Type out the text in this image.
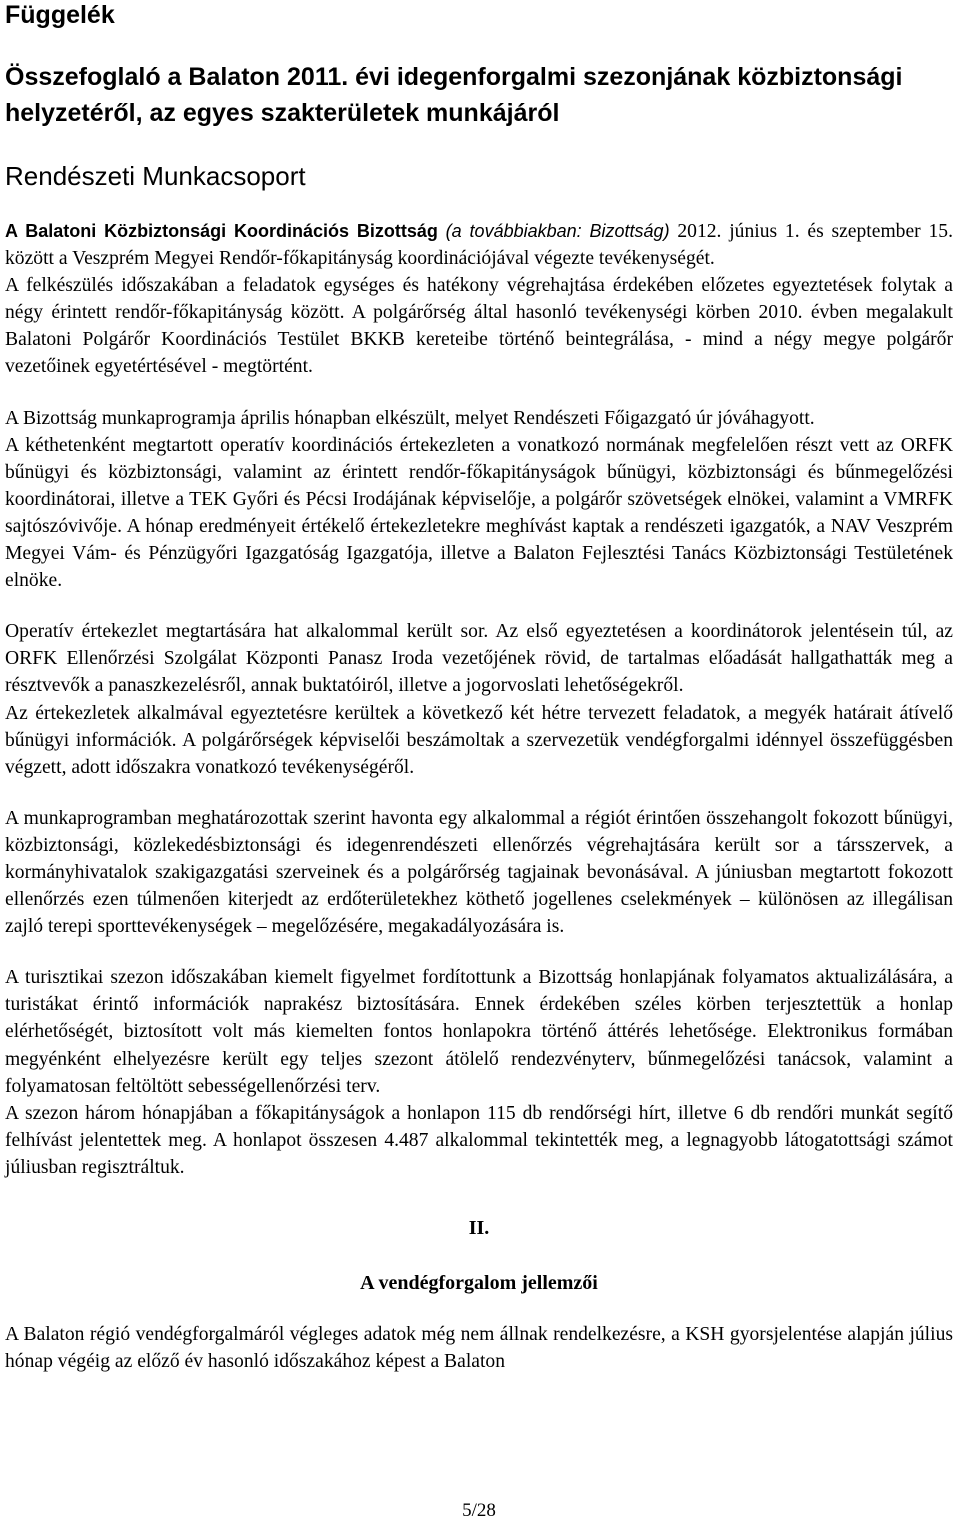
Függelék
Összefoglaló a Balaton 2011. évi idegenforgalmi szezonjának közbiztonsági helyzetéről, az egyes szakterületek munkájáról
Rendészeti Munkacsoport

A Balatoni Közbiztonsági Koordinációs Bizottság (a továbbiakban: Bizottság) 2012. június 1. és szeptember 15. között a Veszprém Megyei Rendőr-főkapitányság koordinációjával végezte tevékenységét.

A felkészülés időszakában a feladatok egységes és hatékony végrehajtása érdekében előzetes egyeztetések folytak a négy érintett rendőr-főkapitányság között. A polgárőrség által hasonló tevékenységi körben 2010. évben megalakult Balatoni Polgárőr Koordinációs Testület BKKB kereteibe történő beintegrálása, - mind a négy megye polgárőr vezetőinek egyetértésével - megtörtént.

A Bizottság munkaprogramja április hónapban elkészült, melyet Rendészeti Főigazgató úr jóváhagyott.

A kéthetenként megtartott operatív koordinációs értekezleten a vonatkozó normának megfelelően részt vett az ORFK bűnügyi és közbiztonsági, valamint az érintett rendőr-főkapitányságok bűnügyi, közbiztonsági és bűnmegelőzési koordinátorai, illetve a TEK Győri és Pécsi Irodájának képviselője, a polgárőr szövetségek elnökei, valamint a VMRFK sajtószóvivője. A hónap eredményeit értékelő értekezletekre meghívást kaptak a rendészeti igazgatók, a NAV Veszprém Megyei Vám- és Pénzügyőri Igazgatóság Igazgatója, illetve a Balaton Fejlesztési Tanács Közbiztonsági Testületének elnöke.

Operatív értekezlet megtartására hat alkalommal került sor. Az első egyeztetésen a koordinátorok jelentésein túl, az ORFK Ellenőrzési Szolgálat Központi Panasz Iroda vezetőjének rövid, de tartalmas előadását hallgathatták meg a résztvevők a panaszkezelésről, annak buktatóiról, illetve a jogorvoslati lehetőségekről.

Az értekezletek alkalmával egyeztetésre kerültek a következő két hétre tervezett feladatok, a megyék határait átívelő bűnügyi információk. A polgárőrségek képviselői beszámoltak a szervezetük vendégforgalmi idénnyel összefüggésben végzett, adott időszakra vonatkozó tevékenységéről.

A munkaprogramban meghatározottak szerint havonta egy alkalommal a régiót érintően összehangolt fokozott bűnügyi, közbiztonsági, közlekedésbiztonsági és idegenrendészeti ellenőrzés végrehajtására került sor a társszervek, a kormányhivatalok szakigazgatási szerveinek és a polgárőrség tagjainak bevonásával. A júniusban megtartott fokozott ellenőrzés ezen túlmenően kiterjedt az erdőterületekhez köthető jogellenes cselekmények – különösen az illegálisan zajló terepi sporttevékenységek – megelőzésére, megakadályozására is.

A turisztikai szezon időszakában kiemelt figyelmet fordítottunk a Bizottság honlapjának folyamatos aktualizálására, a turistákat érintő információk naprakész biztosítására. Ennek érdekében széles körben terjesztettük a honlap elérhetőségét, biztosított volt más kiemelten fontos honlapokra történő áttérés lehetősége. Elektronikus formában megyénként elhelyezésre került egy teljes szezont átölelő rendezvényterv, bűnmegelőzési tanácsok, valamint a folyamatosan feltöltött sebességellenőrzési terv.

A szezon három hónapjában a főkapitányságok a honlapon 115 db rendőrségi hírt, illetve 6 db rendőri munkát segítő felhívást jelentettek meg. A honlapot összesen 4.487 alkalommal tekintették meg, a legnagyobb látogatottsági számot júliusban regisztráltuk.

II.

A vendégforgalom jellemzői

A Balaton régió vendégforgalmáról végleges adatok még nem állnak rendelkezésre, a KSH gyorsjelentése alapján július hónap végéig az előző év hasonló időszakához képest a Balaton

5/28
